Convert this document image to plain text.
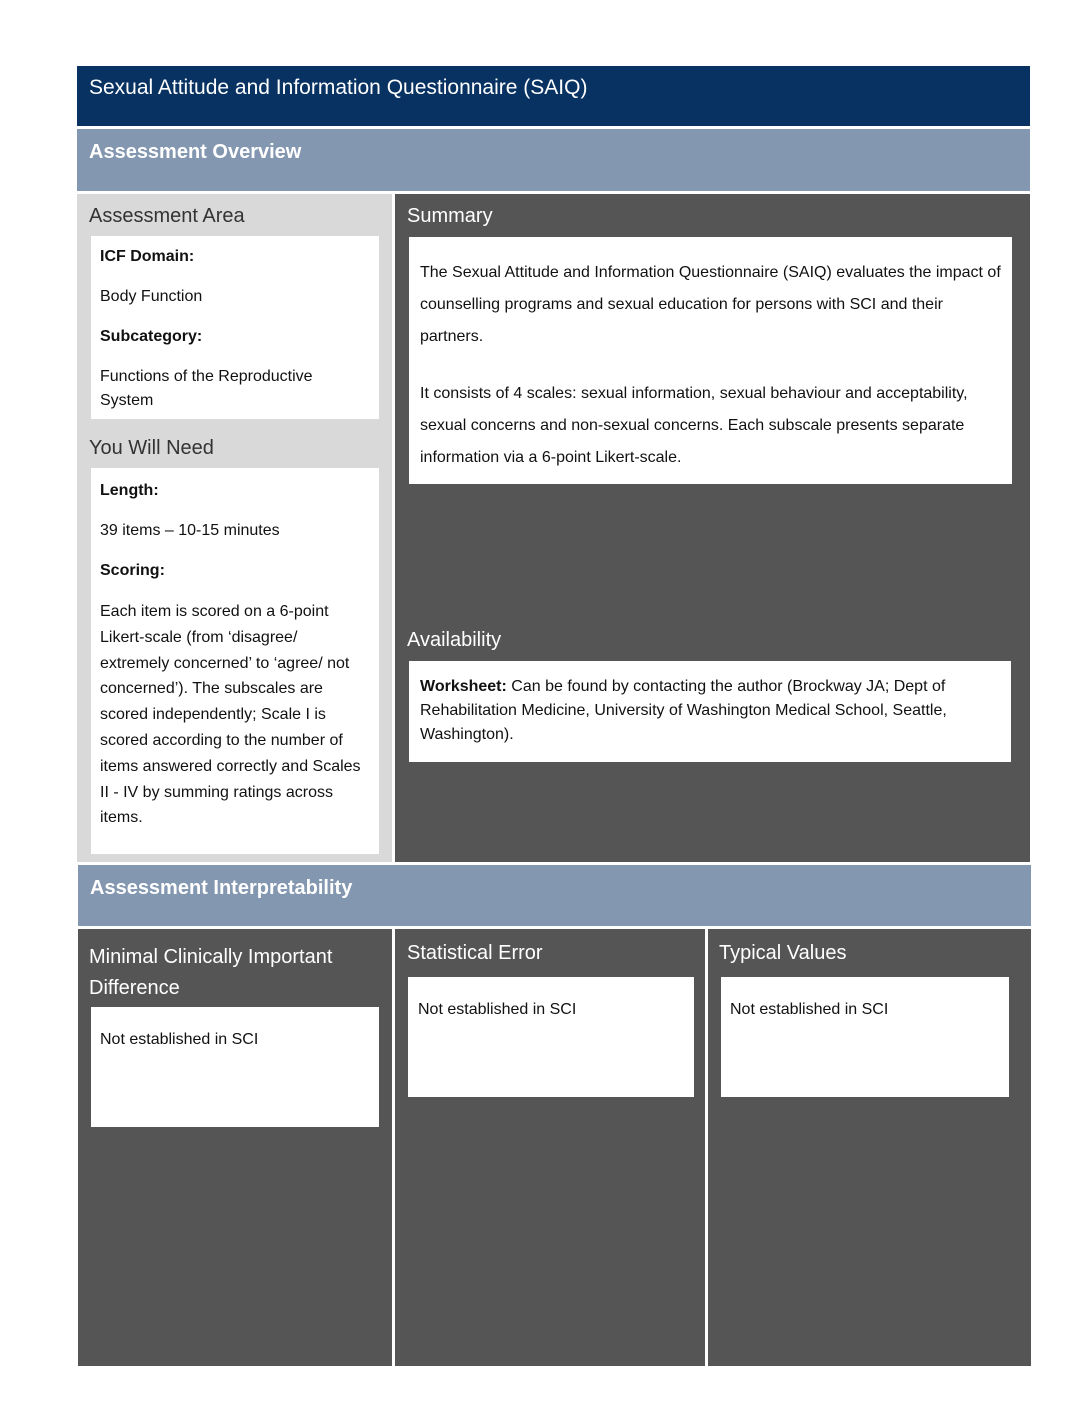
Sexual Attitude and Information Questionnaire (SAIQ)
Assessment Overview
Assessment Area

ICF Domain:

Body Function

Subcategory:

Functions of the Reproductive System

You Will Need

Length:

39 items – 10-15 minutes

Scoring:

Each item is scored on a 6-point Likert-scale (from ‘disagree/ extremely concerned’ to ‘agree/ not concerned’). The subscales are scored independently; Scale I is scored according to the number of items answered correctly and Scales II - IV by summing ratings across items.

Summary

The Sexual Attitude and Information Questionnaire (SAIQ) evaluates the impact of counselling programs and sexual education for persons with SCI and their partners.

It consists of 4 scales: sexual information, sexual behaviour and acceptability, sexual concerns and non-sexual concerns. Each subscale presents separate information via a 6-point Likert-scale.

Availability

Worksheet: Can be found by contacting the author (Brockway JA; Dept of Rehabilitation Medicine, University of Washington Medical School, Seattle, Washington).

Assessment Interpretability
Minimal Clinically Important Difference

Not established in SCI

Statistical Error

Not established in SCI

Typical Values

Not established in SCI
